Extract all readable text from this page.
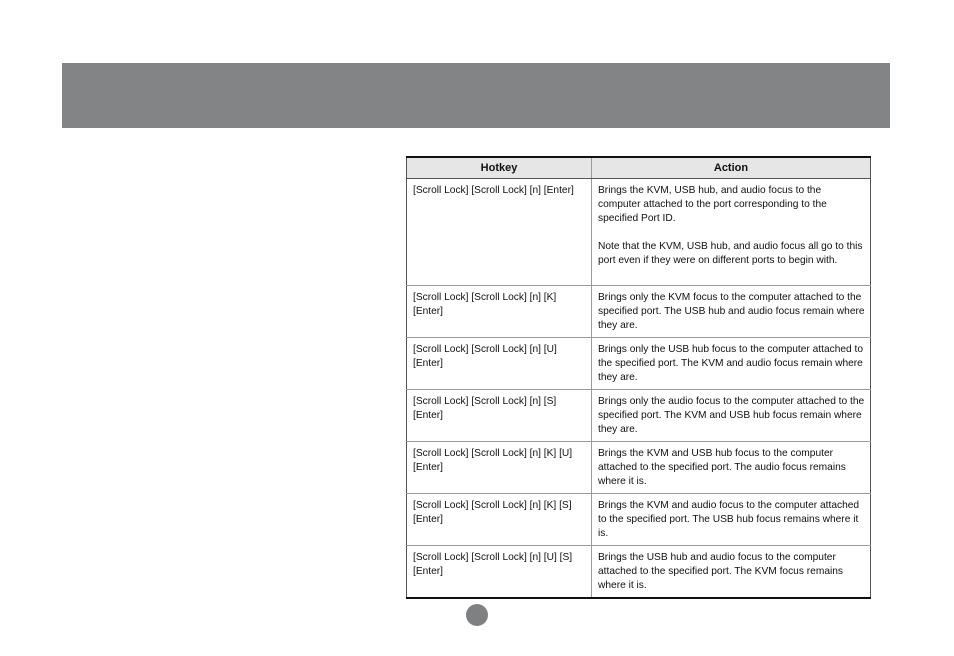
Hotkey	Action
[Scroll Lock] [Scroll Lock] [n] [Enter]	Brings the KVM, USB hub, and audio focus to the computer attached to the port corresponding to the specified Port ID.
Note that the KVM, USB hub, and audio focus all go to this port even if they were on different ports to begin with.

[Scroll Lock] [Scroll Lock] [n] [K] [Enter]	Brings only the KVM focus to the computer attached to the specified port. The USB hub and audio focus remain where they are.
[Scroll Lock] [Scroll Lock] [n] [U] [Enter]	Brings only the USB hub focus to the computer attached to the specified port. The KVM and audio focus remain where they are.
[Scroll Lock] [Scroll Lock] [n] [S] [Enter]	Brings only the audio focus to the computer attached to the specified port. The KVM and USB hub focus remain where they are.
[Scroll Lock] [Scroll Lock] [n] [K] [U] [Enter]	Brings the KVM and USB hub focus to the computer attached to the specified port. The audio focus remains where it is.
[Scroll Lock] [Scroll Lock] [n] [K] [S] [Enter]	Brings the KVM and audio focus to the computer attached to the specified port. The USB hub focus remains where it is.
[Scroll Lock] [Scroll Lock] [n] [U] [S] [Enter]	Brings the USB hub and audio focus to the computer attached to the specified port. The KVM focus remains where it is.
